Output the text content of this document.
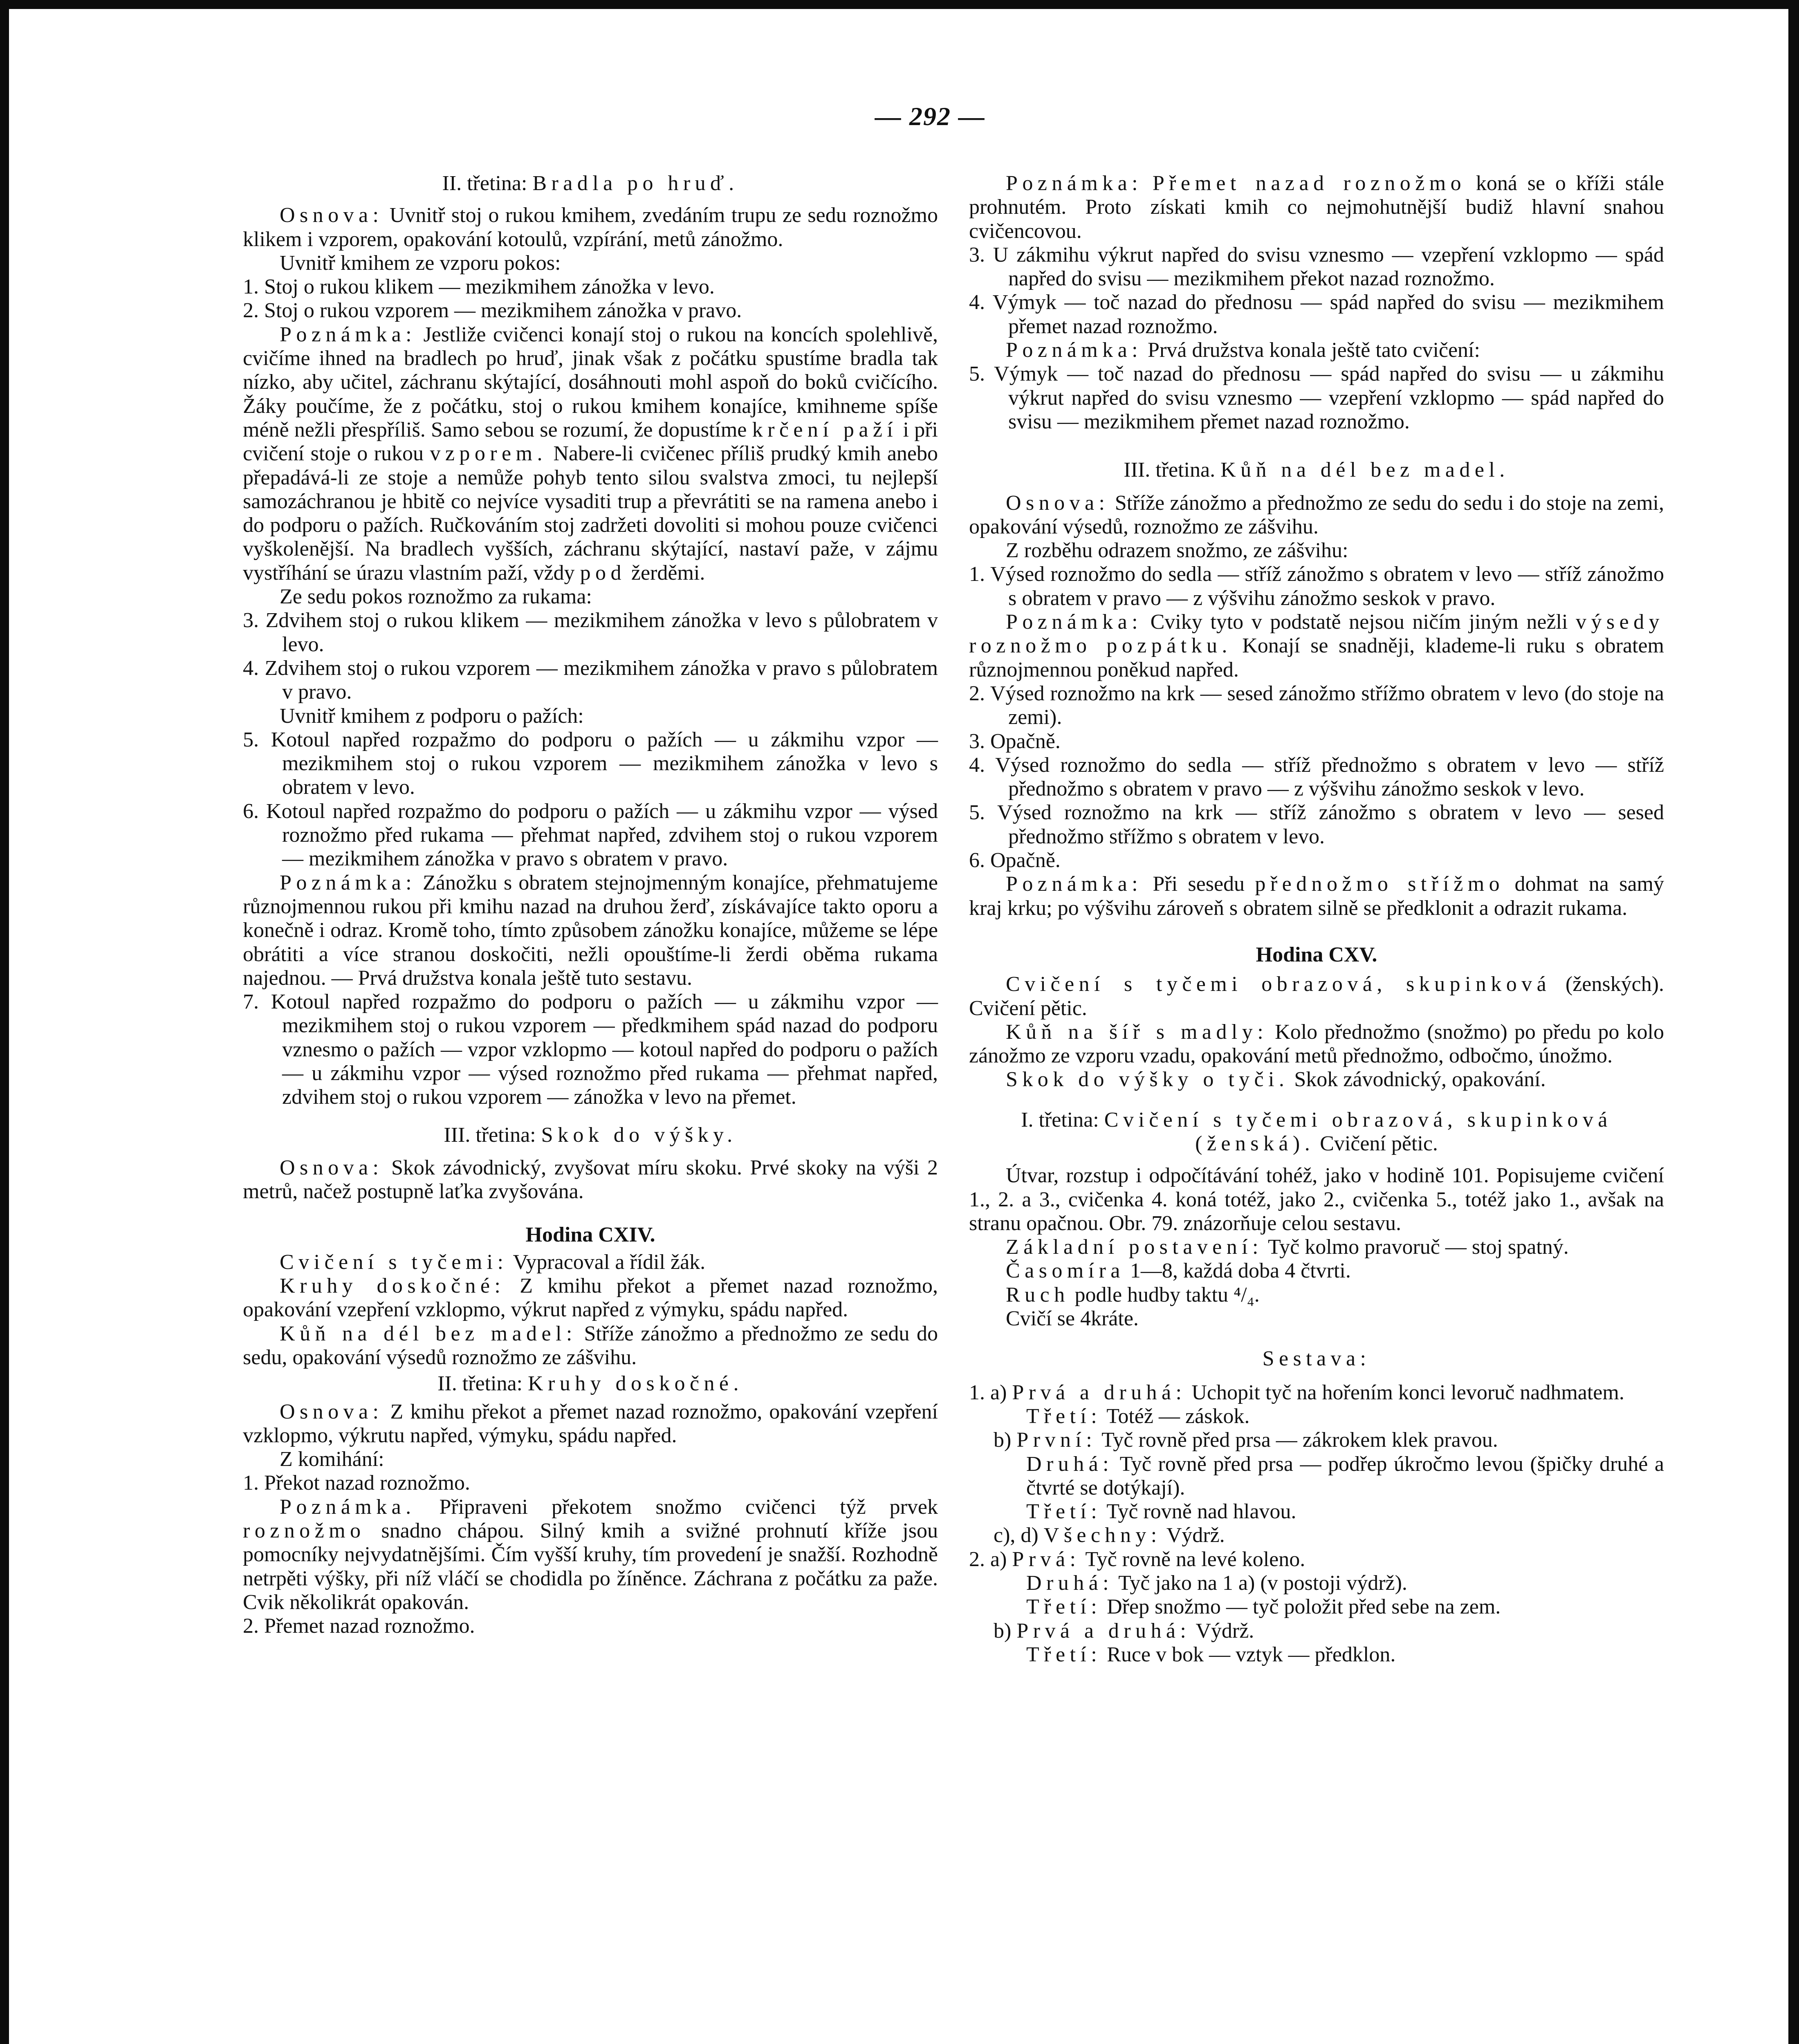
— 292 —

II. třetina: Bradla po hruď.

Osnova: Uvnitř stoj o rukou kmihem, zvedáním trupu ze sedu roznožmo klikem i vzporem, opakování kotoulů, vzpírání, metů zánožmo.

Uvnitř kmihem ze vzporu pokos:

1. Stoj o rukou klikem — mezikmihem zánožka v levo.

2. Stoj o rukou vzporem — mezikmihem zánožka v pravo.

Poznámka: Jestliže cvičenci konají stoj o rukou na koncích spolehlivě, cvičíme ihned na bradlech po hruď, jinak však z počátku spustíme bradla tak nízko, aby učitel, záchranu skýtající, dosáhnouti mohl aspoň do boků cvičícího. Žáky poučíme, že z počátku, stoj o rukou kmihem konajíce, kmihneme spíše méně nežli přespříliš. Samo sebou se rozumí, že dopustíme krčení paží i při cvičení stoje o rukou vzporem. Nabere-li cvičenec příliš prudký kmih anebo přepadává-li ze stoje a nemůže pohyb tento silou svalstva zmoci, tu nejlepší samozáchranou je hbitě co nejvíce vysaditi trup a převrátiti se na ramena anebo i do podporu o pažích. Ručkováním stoj zadržeti dovoliti si mohou pouze cvičenci vyškolenější. Na bradlech vyšších, záchranu skýtající, nastaví paže, v zájmu vystříhání se úrazu vlastním paží, vždy pod žerděmi.

Ze sedu pokos roznožmo za rukama:

3. Zdvihem stoj o rukou klikem — mezikmihem zánožka v levo s půlobratem v levo.

4. Zdvihem stoj o rukou vzporem — mezikmihem zánožka v pravo s půlobratem v pravo.

Uvnitř kmihem z podporu o pažích:

5. Kotoul napřed rozpažmo do podporu o pažích — u zákmihu vzpor — mezikmihem stoj o rukou vzporem — mezikmihem zánožka v levo s obratem v levo.

6. Kotoul napřed rozpažmo do podporu o pažích — u zákmihu vzpor — výsed roznožmo před rukama — přehmat napřed, zdvihem stoj o rukou vzporem — mezikmihem zánožka v pravo s obratem v pravo.

Poznámka: Zánožku s obratem stejnojmenným konajíce, přehmatujeme různojmennou rukou při kmihu nazad na druhou žerď, získávajíce takto oporu a konečně i odraz. Kromě toho, tímto způsobem zánožku konajíce, můžeme se lépe obrátiti a více stranou doskočiti, nežli opouštíme-li žerdi oběma rukama najednou. — Prvá družstva konala ještě tuto sestavu.

7. Kotoul napřed rozpažmo do podporu o pažích — u zákmihu vzpor — mezikmihem stoj o rukou vzporem — předkmihem spád nazad do podporu vznesmo o pažích — vzpor vzklopmo — kotoul napřed do podporu o pažích — u zákmihu vzpor — výsed roznožmo před rukama — přehmat napřed, zdvihem stoj o rukou vzporem — zánožka v levo na přemet.

III. třetina: Skok do výšky.

Osnova: Skok závodnický, zvyšovat míru skoku. Prvé skoky na výši 2 metrů, načež postupně laťka zvyšována.

Hodina CXIV.

Cvičení s tyčemi: Vypracoval a řídil žák.

Kruhy doskočné: Z kmihu překot a přemet nazad roznožmo, opakování vzepření vzklopmo, výkrut napřed z výmyku, spádu napřed.

Kůň na dél bez madel: Stříže zánožmo a přednožmo ze sedu do sedu, opakování výsedů roznožmo ze zášvihu.

II. třetina: Kruhy doskočné.

Osnova: Z kmihu překot a přemet nazad roznožmo, opakování vzepření vzklopmo, výkrutu napřed, výmyku, spádu napřed.

Z komihání:

1. Překot nazad roznožmo.

Poznámka. Připraveni překotem snožmo cvičenci týž prvek roznožmo snadno chápou. Silný kmih a svižné prohnutí kříže jsou pomocníky nejvydatnějšími. Čím vyšší kruhy, tím provedení je snažší. Rozhodně netrpěti výšky, při níž vláčí se chodidla po žíněnce. Záchrana z počátku za paže. Cvik několikrát opakován.

2. Přemet nazad roznožmo.

Poznámka: Přemet nazad roznožmo koná se o kříži stále prohnutém. Proto získati kmih co nejmohutnější budiž hlavní snahou cvičencovou.

3. U zákmihu výkrut napřed do svisu vznesmo — vzepření vzklopmo — spád napřed do svisu — mezikmihem překot nazad roznožmo.

4. Výmyk — toč nazad do přednosu — spád napřed do svisu — mezikmihem přemet nazad roznožmo.

Poznámka: Prvá družstva konala ještě tato cvičení:

5. Výmyk — toč nazad do přednosu — spád napřed do svisu — u zákmihu výkrut napřed do svisu vznesmo — vzepření vzklopmo — spád napřed do svisu — mezikmihem přemet nazad roznožmo.

III. třetina. Kůň na dél bez madel.

Osnova: Stříže zánožmo a přednožmo ze sedu do sedu i do stoje na zemi, opakování výsedů, roznožmo ze zášvihu.

Z rozběhu odrazem snožmo, ze zášvihu:

1. Výsed roznožmo do sedla — stříž zánožmo s obratem v levo — stříž zánožmo s obratem v pravo — z výšvihu zánožmo seskok v pravo.

Poznámka: Cviky tyto v podstatě nejsou ničím jiným nežli výsedy roznožmo pozpátku. Konají se snadněji, klademe-li ruku s obratem různojmennou poněkud napřed.

2. Výsed roznožmo na krk — sesed zánožmo střížmo obratem v levo (do stoje na zemi).

3. Opačně.

4. Výsed roznožmo do sedla — stříž přednožmo s obratem v levo — stříž přednožmo s obratem v pravo — z výšvihu zánožmo seskok v levo.

5. Výsed roznožmo na krk — stříž zánožmo s obratem v levo — sesed přednožmo střížmo s obratem v levo.

6. Opačně.

Poznámka: Při sesedu přednožmo střížmo dohmat na samý kraj krku; po výšvihu zároveň s obratem silně se předklonit a odrazit rukama.

Hodina CXV.

Cvičení s tyčemi obrazová, skupinková (ženských). Cvičení pětic.

Kůň na šíř s madly: Kolo přednožmo (snožmo) po předu po kolo zánožmo ze vzporu vzadu, opakování metů přednožmo, odbočmo, únožmo.

Skok do výšky o tyči. Skok závodnický, opakování.

I. třetina: Cvičení s tyčemi obrazová, skupinková (ženská). Cvičení pětic.

Útvar, rozstup i odpočítávání tohéž, jako v hodině 101. Popisujeme cvičení 1., 2. a 3., cvičenka 4. koná totéž, jako 2., cvičenka 5., totéž jako 1., avšak na stranu opačnou. Obr. 79. znázorňuje celou sestavu.

Základní postavení: Tyč kolmo pravoruč — stoj spatný.

Časomíra 1—8, každá doba 4 čtvrti.

Ruch podle hudby taktu ⁴/₄.

Cvičí se 4kráte.

Sestava:

1. a) Prvá a druhá: Uchopit tyč na hořením konci levoruč nadhmatem.

Třetí: Totéž — záskok.

b) První: Tyč rovně před prsa — zákrokem klek pravou.

Druhá: Tyč rovně před prsa — podřep úkročmo levou (špičky druhé a čtvrté se dotýkají).

Třetí: Tyč rovně nad hlavou.

c), d) Všechny: Výdrž.

2. a) Prvá: Tyč rovně na levé koleno.

Druhá: Tyč jako na 1 a) (v postoji výdrž).

Třetí: Dřep snožmo — tyč položit před sebe na zem.

b) Prvá a druhá: Výdrž.

Třetí: Ruce v bok — vztyk — předklon.
